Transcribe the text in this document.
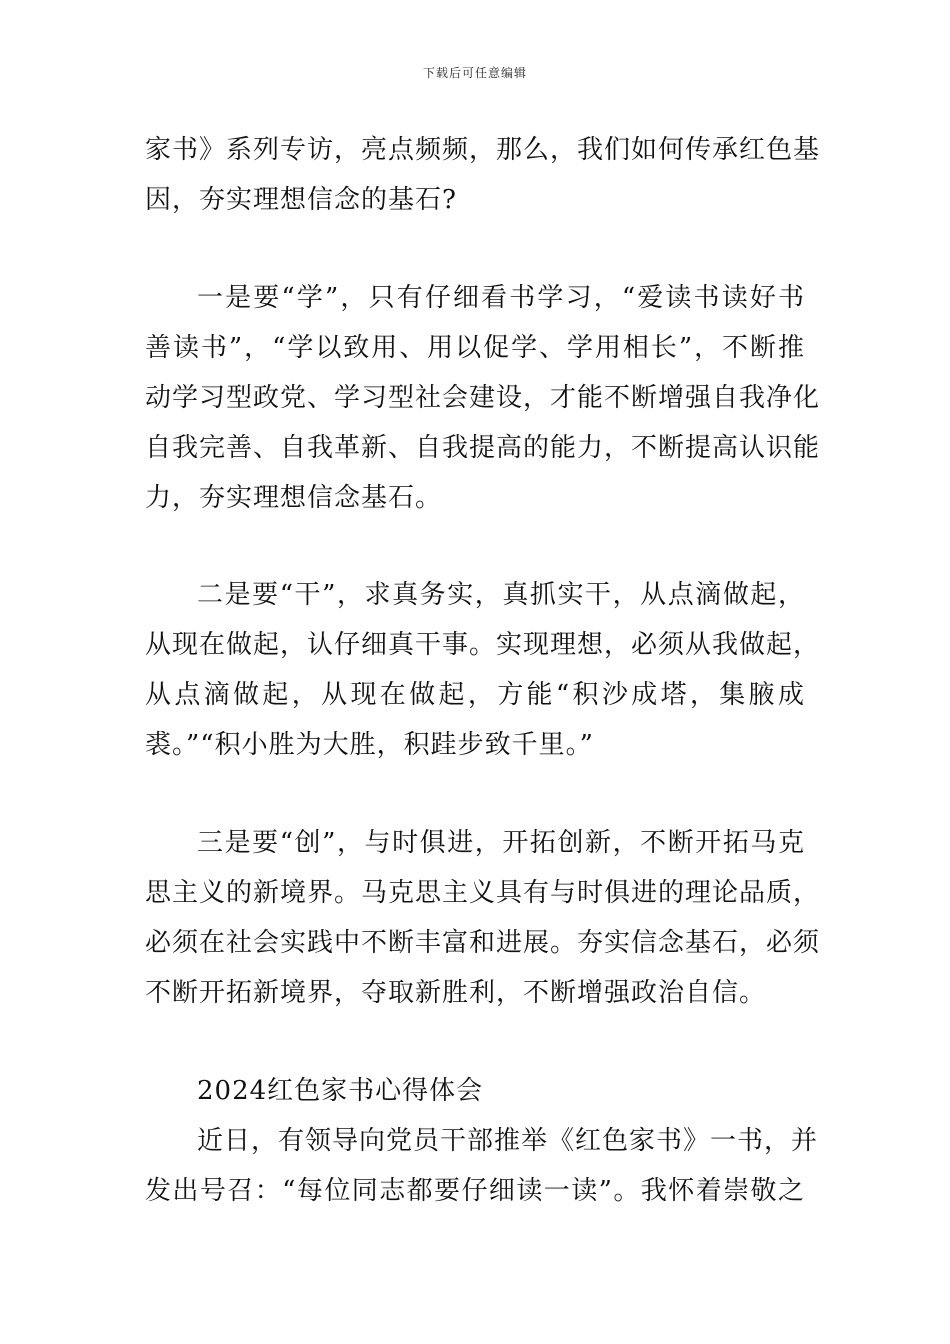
下载后可任意编辑
家书》系列专访，亮点频频，那么，我们如何传承红色基
因，夯实理想信念的基石?
一是要“学”，只有仔细看书学习，“爱读书读好书
善读书”，“学以致用、用以促学、学用相长”，不断推
动学习型政党、学习型社会建设，才能不断增强自我净化
自我完善、自我革新、自我提高的能力，不断提高认识能
力，夯实理想信念基石。
二是要“干”，求真务实，真抓实干，从点滴做起，
从现在做起，认仔细真干事。实现理想，必须从我做起，
从点滴做起，从现在做起，方能“积沙成塔，集腋成
裘。”“积小胜为大胜，积跬步致千里。”
三是要“创”，与时俱进，开拓创新，不断开拓马克
思主义的新境界。马克思主义具有与时俱进的理论品质，
必须在社会实践中不断丰富和进展。夯实信念基石，必须
不断开拓新境界，夺取新胜利，不断增强政治自信。
2024红色家书心得体会
近日，有领导向党员干部推举《红色家书》一书，并
发出号召：“每位同志都要仔细读一读”。我怀着崇敬之
